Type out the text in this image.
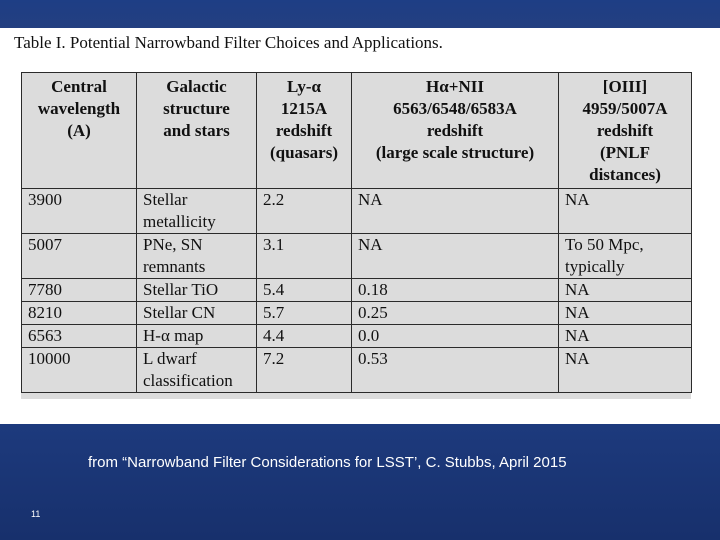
Table I. Potential Narrowband Filter Choices and Applications.
Central
wavelength
(A)	Galactic
structure
and stars	Ly-α
1215A
redshift
(quasars)	Hα+NII
6563/6548/6583A
redshift
(large scale structure)	[OIII]
4959/5007A
redshift
(PNLF
distances)
3900	Stellar metallicity	2.2	NA	NA
5007	PNe, SN remnants	3.1	NA	To 50 Mpc, typically
7780	Stellar TiO	5.4	0.18	NA
8210	Stellar CN	5.7	0.25	NA
6563	H-α map	4.4	0.0	NA
10000	L dwarf classification	7.2	0.53	NA
from “Narrowband Filter Considerations for LSST’, C. Stubbs, April 2015
11
